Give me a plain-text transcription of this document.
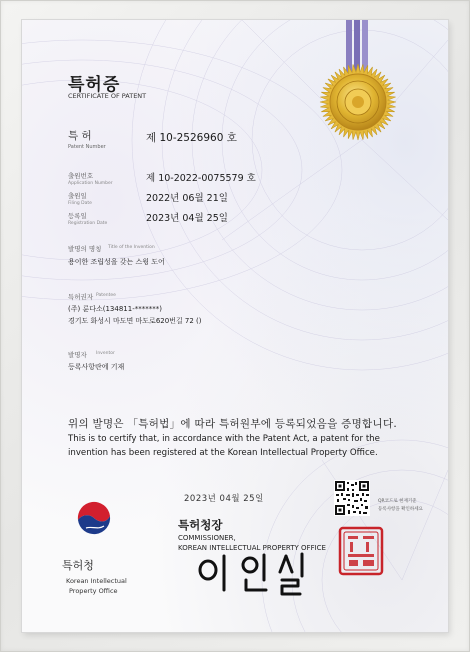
특허증
CERTIFICATE OF PATENT
특 허
Patent Number
제 10-2526960 호
출원번호
Application Number	제 10-2022-0075579 호
출원일
Filing Date	2022년 06월 21일
등록일
Registration Date	2023년 04월 25일
발명의 명칭 Title of the Invention
용이한 조립성을 갖는 스윙 도어
특허권자 Patentee
(주) 룬다소(134811-*******)
경기도 화성시 마도면 마도로620번길 72 ()
발명자 Inventor
등록사항란에 기재
위의 발명은 「특허법」에 따라 특허원부에 등록되었음을 증명합니다.
This is to certify that, in accordance with the Patent Act, a patent for the
invention has been registered at the Korean Intellectual Property Office.
2023년 04월 25일
특허청장
COMMISSIONER,
KOREAN INTELLECTUAL PROPERTY OFFICE
QR코드로 현재기준
등록사항을 확인하세요
특허청
Korean Intellectual
Property Office
